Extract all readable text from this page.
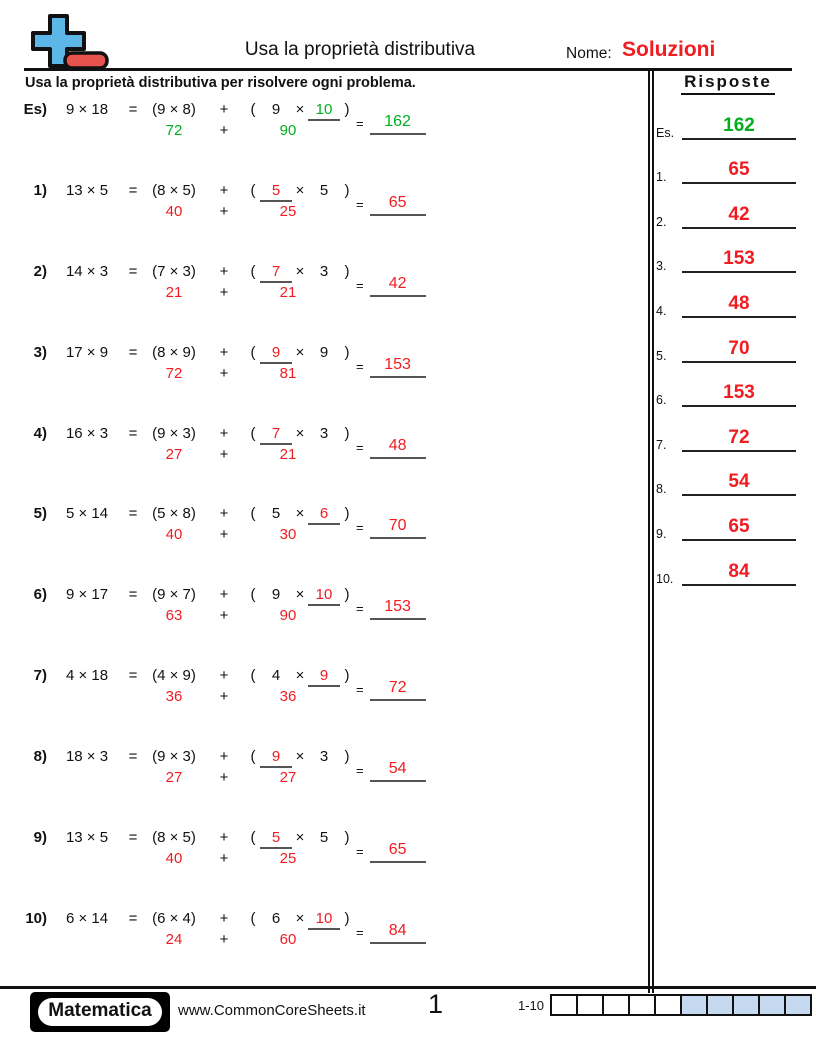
Usa la proprietà distributiva	Nome: Soluzioni
Usa la proprietà distributiva per risolvere ogni problema.	Risposte
Es.	162
1.	65
2.	42
3.	153
4.	48
5.	70
6.	153
7.	72
8.	54
9.	65
10.	84
Es)	9 × 18	= (9 × 8)	+	(	9	× 10 )
72	+	90	=	162
1)	13 × 5	= (8 × 5)	+	(	5	×	5	)
40	+	25	=	65
2)	14 × 3	= (7 × 3)	+	(	7	×	3	)
21	+	21	=	42
3)	17 × 9	= (8 × 9)	+	(	9	×	9	)
72	+	81	=	153
4)	16 × 3	= (9 × 3)	+	(	7	×	3	)
27	+	21	=	48
5)	5 × 14	= (5 × 8)	+	(	5	×	6	)
40	+	30	=	70
6)	9 × 17	= (9 × 7)	+	(	9	× 10 )
63	+	90	=	153
7)	4 × 18	= (4 × 9)	+	(	4	×	9	)
36	+	36	=	72
8)	18 × 3	= (9 × 3)	+	(	9	×	3	)
27	+	27	=	54
9)	13 × 5	= (8 × 5)	+	(	5	×	5	)
40	+	25	=	65
10)	6 × 14	= (6 × 4)	+	(	6	× 10 )
24	+	60	=	84
Matematica	www.CommonCoreSheets.it 1	1-10
